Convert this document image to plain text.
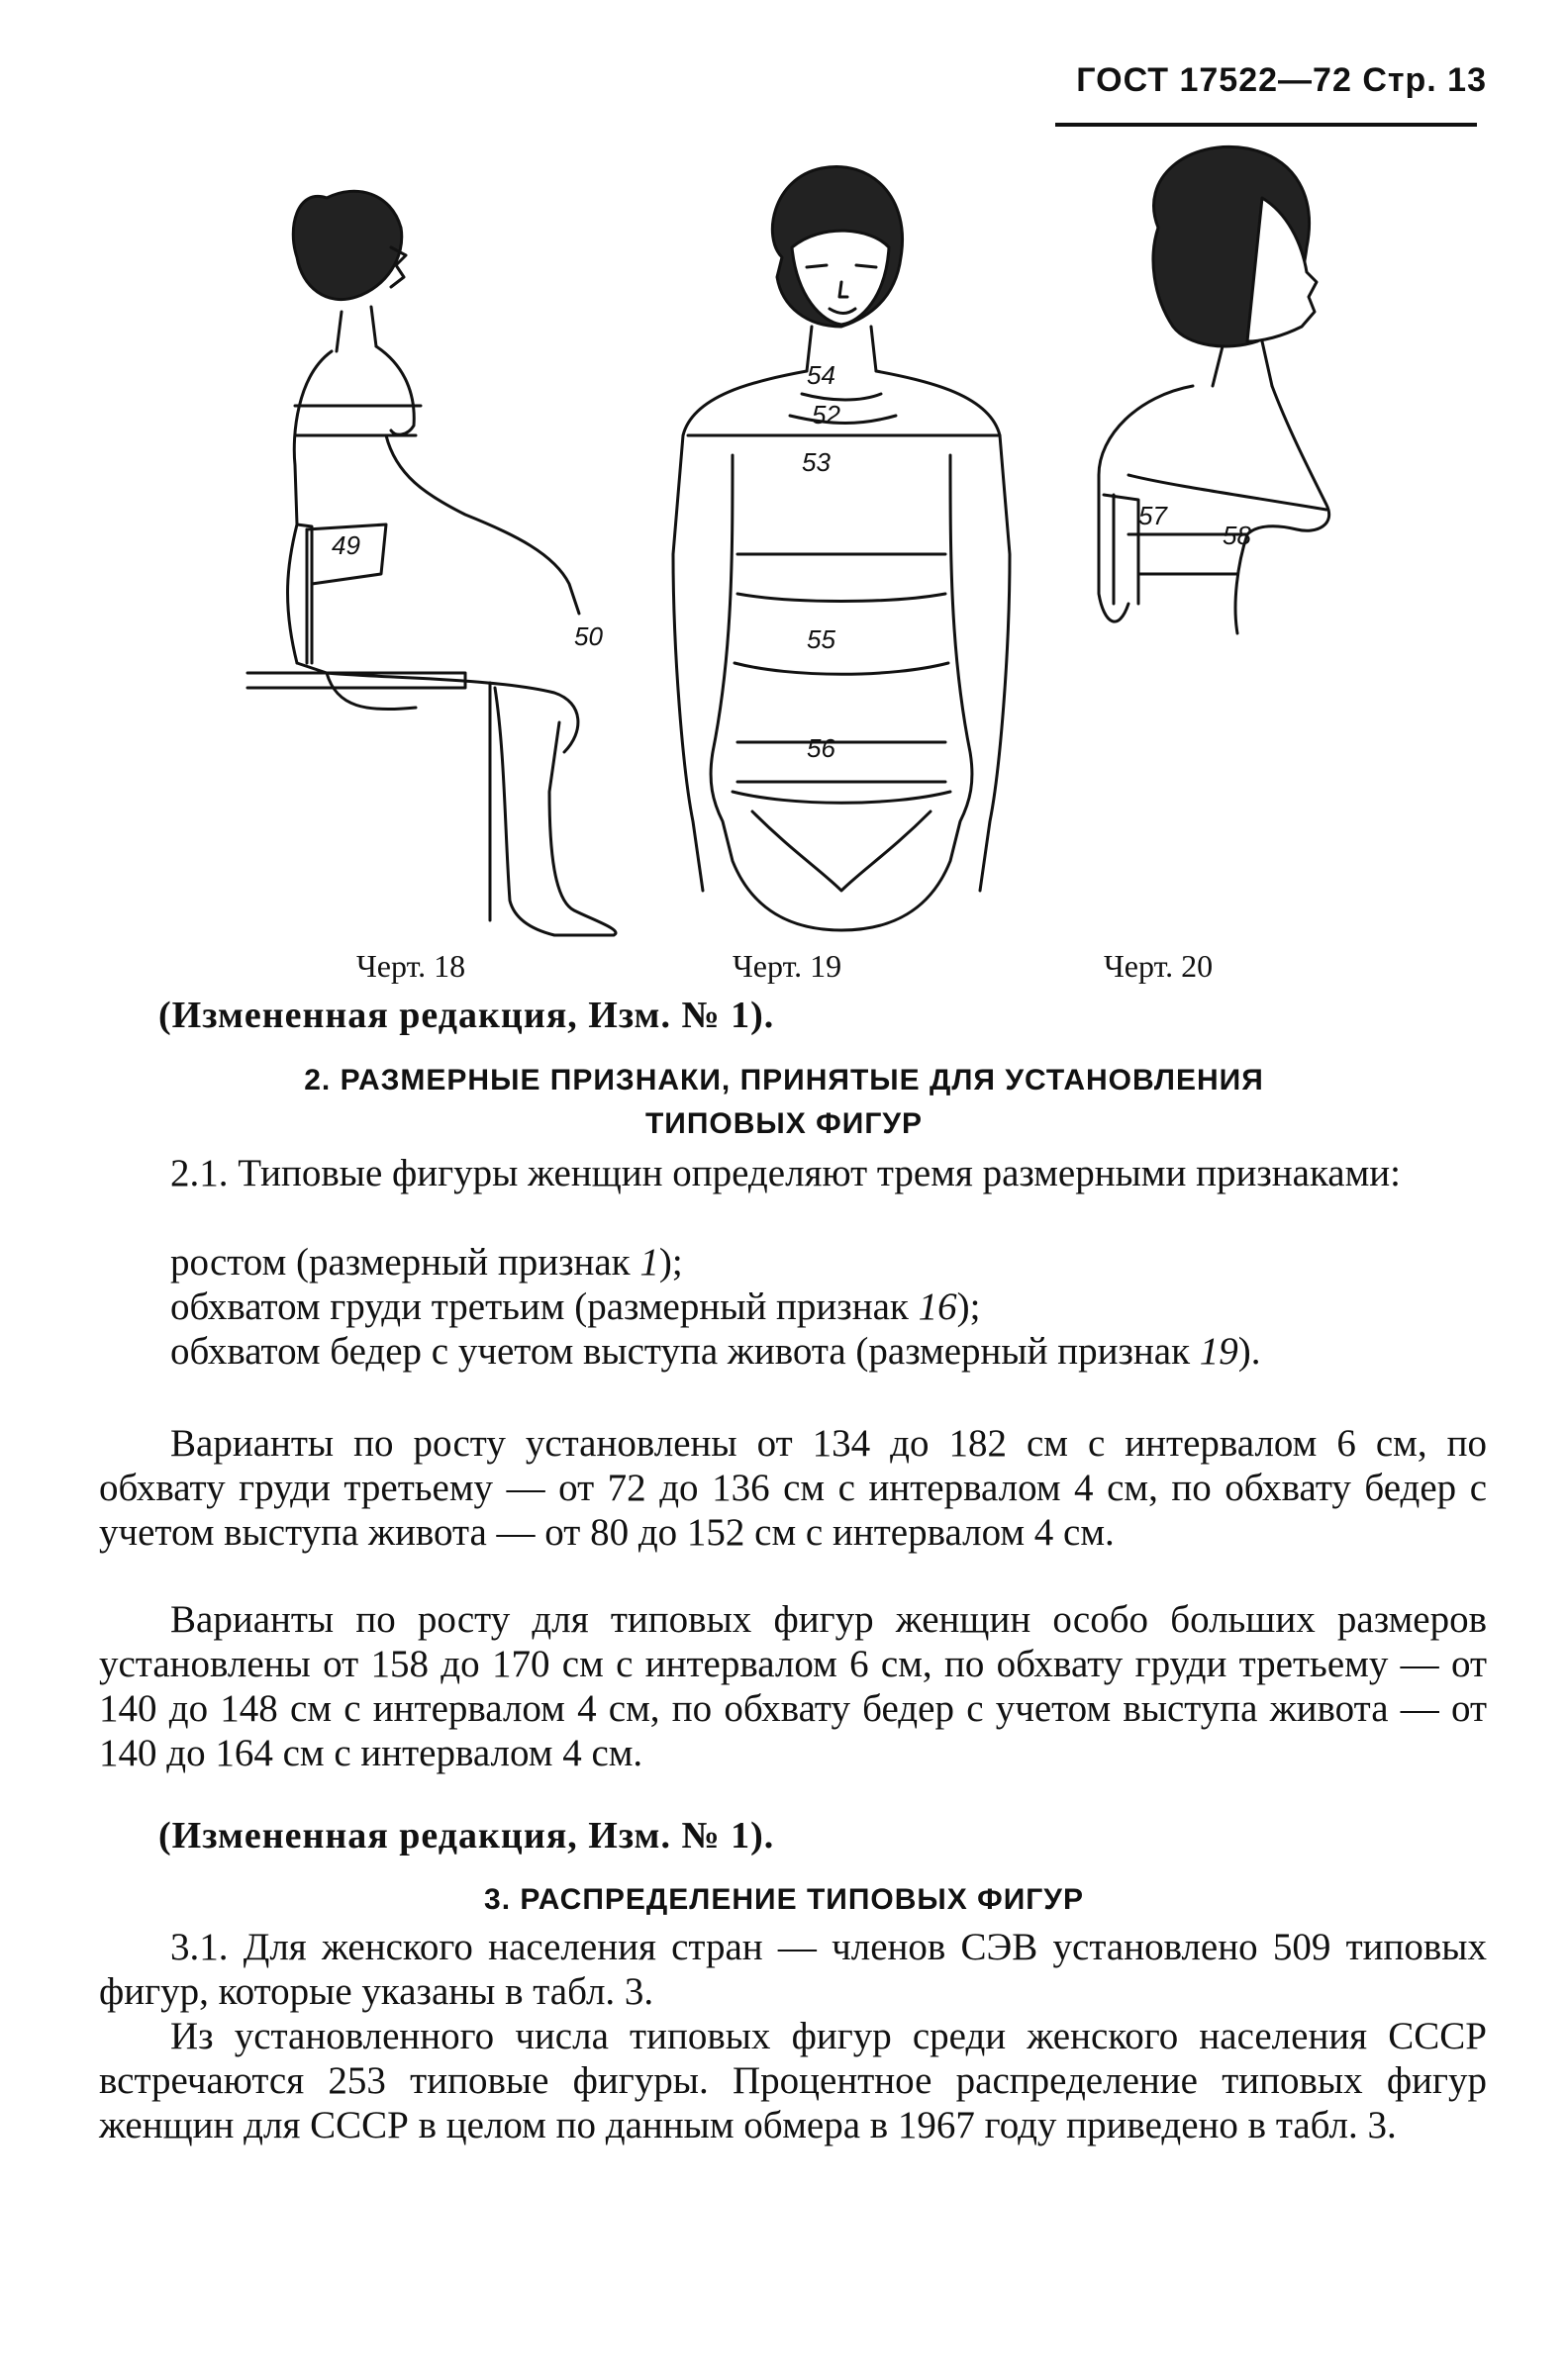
ГОСТ 17522—72 Стр. 13
49
50
54
52
53
55
56
57
58
Черт. 18	Черт. 19	Черт. 20
(Измененная редакция, Изм. № 1).
2. РАЗМЕРНЫЕ ПРИЗНАКИ, ПРИНЯТЫЕ ДЛЯ УСТАНОВЛЕНИЯ
ТИПОВЫХ ФИГУР

2.1. Типовые фигуры женщин определяют тремя размерными признаками:

ростом (размерный признак 1);

обхватом груди третьим (размерный признак 16);

обхватом бедер с учетом выступа живота (размерный признак 19).

Варианты по росту установлены от 134 до 182 см с интервалом 6 см, по обхвату груди третьему — от 72 до 136 см с интервалом 4 см, по обхвату бедер с учетом выступа живота — от 80 до 152 см с интервалом 4 см.

Варианты по росту для типовых фигур женщин особо больших размеров установлены от 158 до 170 см с интервалом 6 см, по обхвату груди третьему — от 140 до 148 см с интервалом 4 см, по обхвату бедер с учетом выступа живота — от 140 до 164 см с интервалом 4 см.

(Измененная редакция, Изм. № 1).
3. РАСПРЕДЕЛЕНИЕ ТИПОВЫХ ФИГУР

3.1. Для женского населения стран — членов СЭВ установлено 509 типовых фигур, которые указаны в табл. 3.

Из установленного числа типовых фигур среди женского населения СССР встречаются 253 типовые фигуры. Процентное распределение типовых фигур женщин для СССР в целом по данным обмера в 1967 году приведено в табл. 3.
